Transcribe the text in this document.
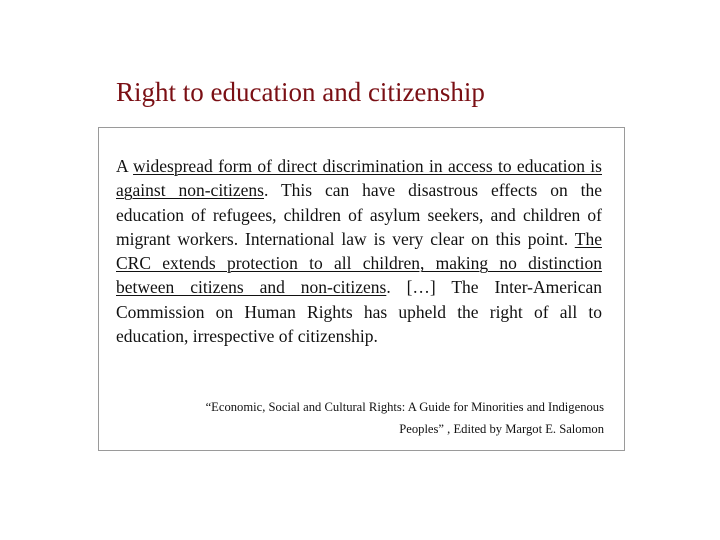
Right to education and citizenship

A widespread form of direct discrimination in access to education is against non-citizens. This can have disastrous effects on the education of refugees, children of asylum seekers, and children of migrant workers. International law is very clear on this point. The CRC extends protection to all children, making no distinction between citizens and non-citizens. […] The Inter-American Commission on Human Rights has upheld the right of all to education, irrespective of citizenship.

“Economic, Social and Cultural Rights: A Guide for Minorities and Indigenous
Peoples” , Edited by Margot E. Salomon
